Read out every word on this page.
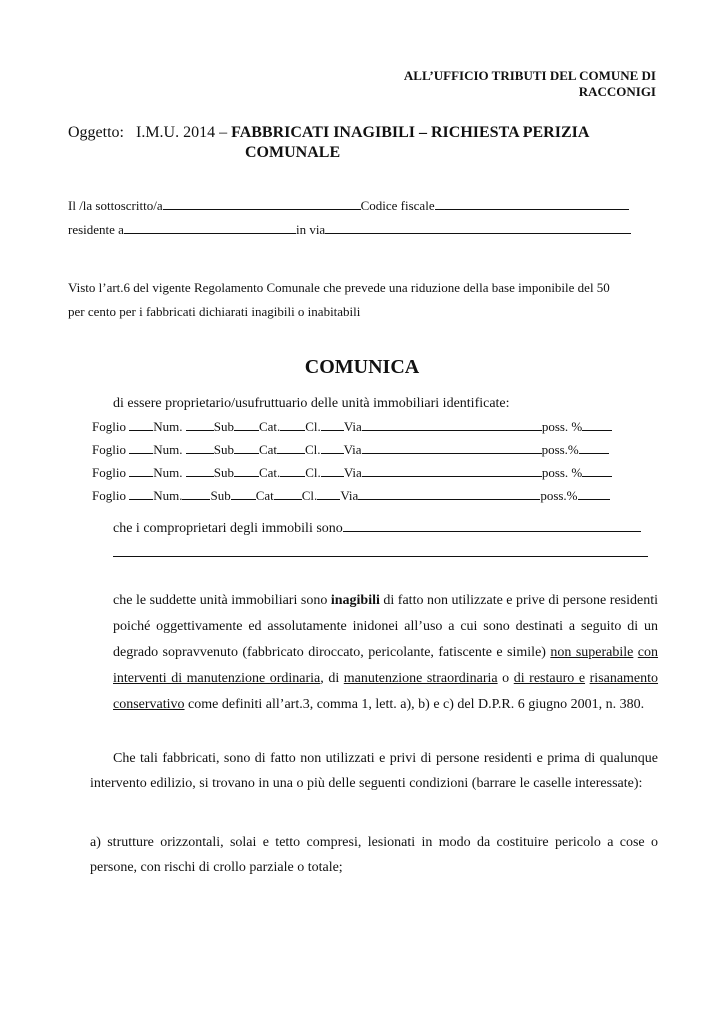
ALL’UFFICIO TRIBUTI DEL COMUNE DI
RACCONIGI
Oggetto: I.M.U. 2014 – FABBRICATI INAGIBILI – RICHIESTA PERIZIA
COMUNALE
Il /la sottoscritto/a	Codice fiscale
residente a	in via
Visto l’art.6 del vigente Regolamento Comunale che prevede una riduzione della base imponibile del 50
per cento per i fabbricati dichiarati inagibili o inabitabili
COMUNICA
di essere proprietario/usufruttuario delle unità immobiliari identificate:
Foglio Num. Sub Cat. Cl. Via	poss. %
Foglio Num. Sub Cat Cl. Via	poss.%
Foglio Num. Sub Cat. Cl. Via	poss. %
Foglio Num. Sub Cat Cl. Via	poss.%
che i comproprietari degli immobili sono
che le suddette unità immobiliari sono inagibili di fatto non utilizzate e prive di persone residenti poiché oggettivamente ed assolutamente inidonei all’uso a cui sono destinati a seguito di un degrado sopravvenuto (fabbricato diroccato, pericolante, fatiscente e simile) non superabile con interventi di manutenzione ordinaria, di manutenzione straordinaria o di restauro e risanamento conservativo come definiti all’art.3, comma 1, lett. a), b) e c) del D.P.R. 6 giugno 2001, n. 380.
Che tali fabbricati, sono di fatto non utilizzati e privi di persone residenti e prima di qualunque intervento edilizio, si trovano in una o più delle seguenti condizioni (barrare le caselle interessate):
a) strutture orizzontali, solai e tetto compresi, lesionati in modo da costituire pericolo a cose o persone, con rischi di crollo parziale o totale;
